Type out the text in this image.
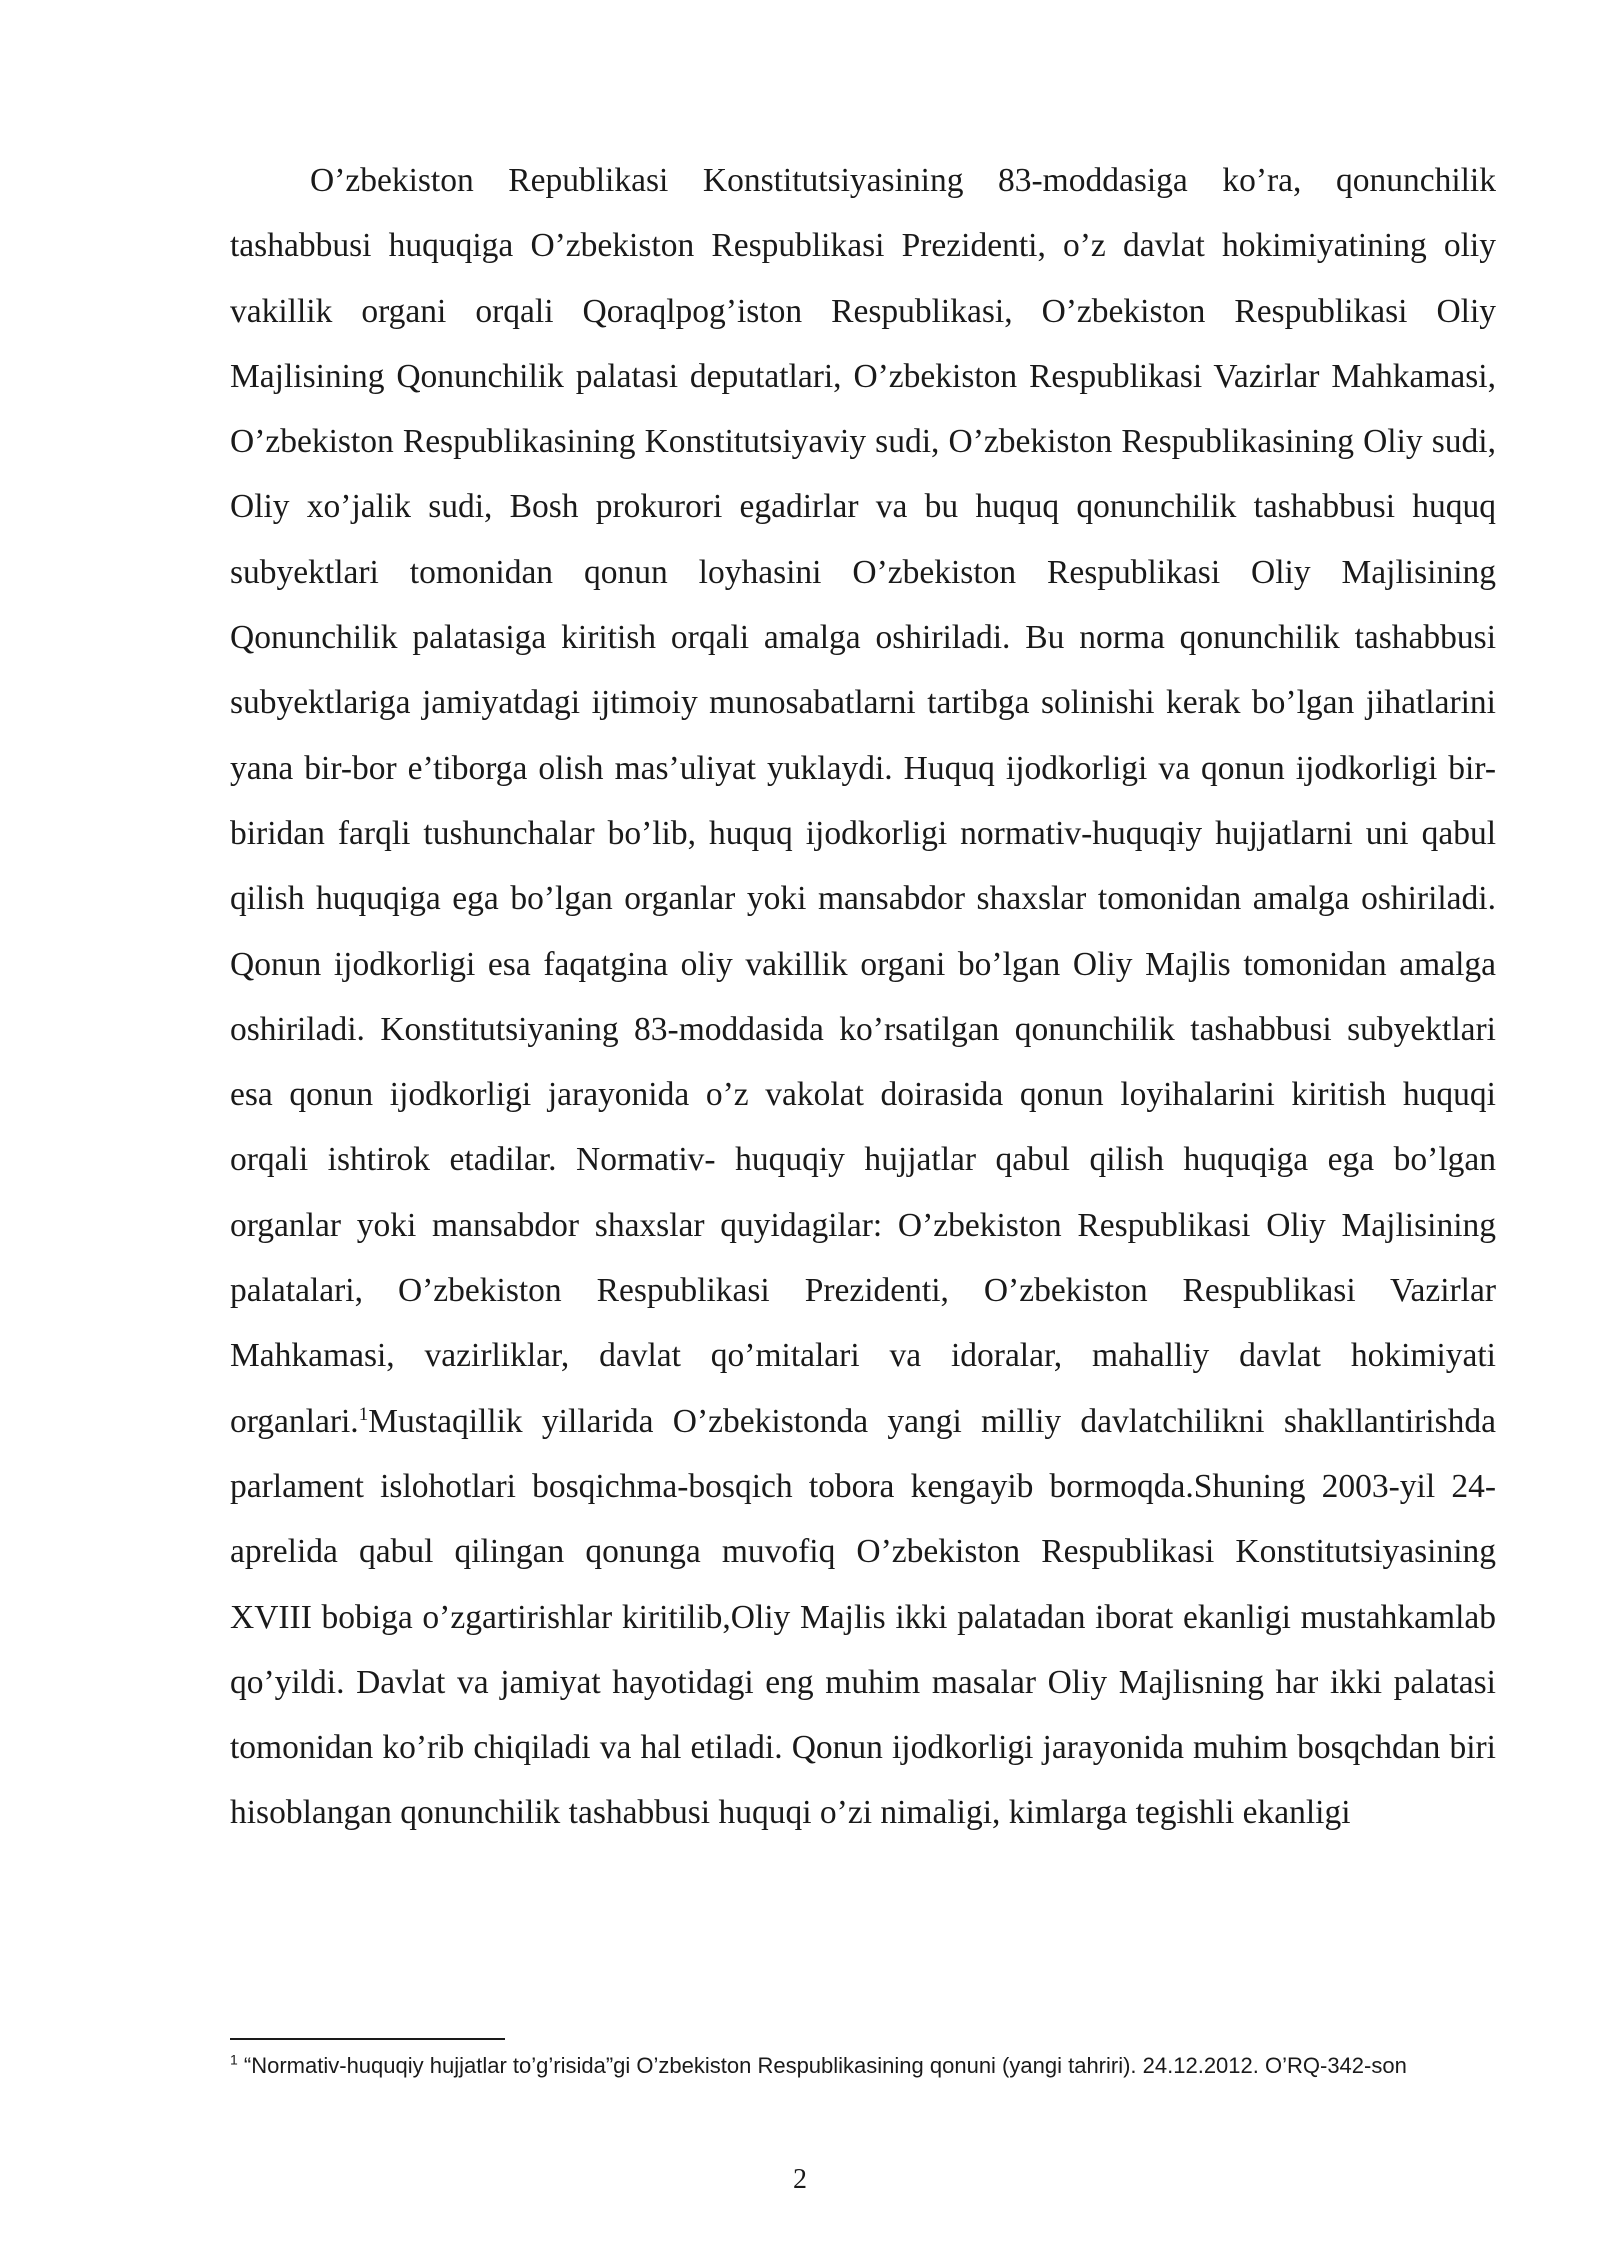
O’zbekiston Republikasi Konstitutsiyasining 83-moddasiga ko’ra, qonunchilik tashabbusi huquqiga O’zbekiston Respublikasi Prezidenti, o’z davlat hokimiyatining oliy vakillik organi orqali Qoraqlpog’iston Respublikasi, O’zbekiston Respublikasi Oliy Majlisining Qonunchilik palatasi deputatlari, O’zbekiston Respublikasi Vazirlar Mahkamasi, O’zbekiston Respublikasining Konstitutsiyaviy sudi, O’zbekiston Respublikasining Oliy sudi, Oliy xo’jalik sudi, Bosh prokurori egadirlar va bu huquq qonunchilik tashabbusi huquq subyektlari tomonidan qonun loyhasini O’zbekiston Respublikasi Oliy Majlisining Qonunchilik palatasiga kiritish orqali amalga oshiriladi. Bu norma qonunchilik tashabbusi subyektlariga jamiyatdagi ijtimoiy munosabatlarni tartibga solinishi kerak bo’lgan jihatlarini yana bir-bor e’tiborga olish mas’uliyat yuklaydi. Huquq ijodkorligi va qonun ijodkorligi bir-biridan farqli tushunchalar bo’lib, huquq ijodkorligi normativ-huquqiy hujjatlarni uni qabul qilish huquqiga ega bo’lgan organlar yoki mansabdor shaxslar tomonidan amalga oshiriladi. Qonun ijodkorligi esa faqatgina oliy vakillik organi bo’lgan Oliy Majlis tomonidan amalga oshiriladi. Konstitutsiyaning 83-moddasida ko’rsatilgan qonunchilik tashabbusi subyektlari esa qonun ijodkorligi jarayonida o’z vakolat doirasida qonun loyihalarini kiritish huquqi orqali ishtirok etadilar. Normativ- huquqiy hujjatlar qabul qilish huquqiga ega bo’lgan organlar yoki mansabdor shaxslar quyidagilar: O’zbekiston Respublikasi Oliy Majlisining palatalari, O’zbekiston Respublikasi Prezidenti, O’zbekiston Respublikasi Vazirlar Mahkamasi, vazirliklar, davlat qo’mitalari va idoralar, mahalliy davlat hokimiyati organlari.$^1$Mustaqillik yillarida O’zbekistonda yangi milliy davlatchilikni shakllantirishda parlament islohotlari bosqichma-bosqich tobora kengayib bormoqda.Shuning 2003-yil 24- aprelida qabul qilingan qonunga muvofiq O’zbekiston Respublikasi Konstitutsiyasining XVIII bobiga o’zgartirishlar kiritilib,Oliy Majlis ikki palatadan iborat ekanligi mustahkamlab qo’yildi. Davlat va jamiyat hayotidagi eng muhim masalar Oliy Majlisning har ikki palatasi tomonidan ko’rib chiqiladi va hal etiladi. Qonun ijodkorligi jarayonida muhim bosqchdan biri hisoblangan qonunchilik tashabbusi huquqi o’zi nimaligi, kimlarga tegishli ekanligi

$^1$ “Normativ-huquqiy hujjatlar to’g’risida”gi O’zbekiston Respublikasining qonuni (yangi tahriri). 24.12.2012. O’RQ-342-son
2
